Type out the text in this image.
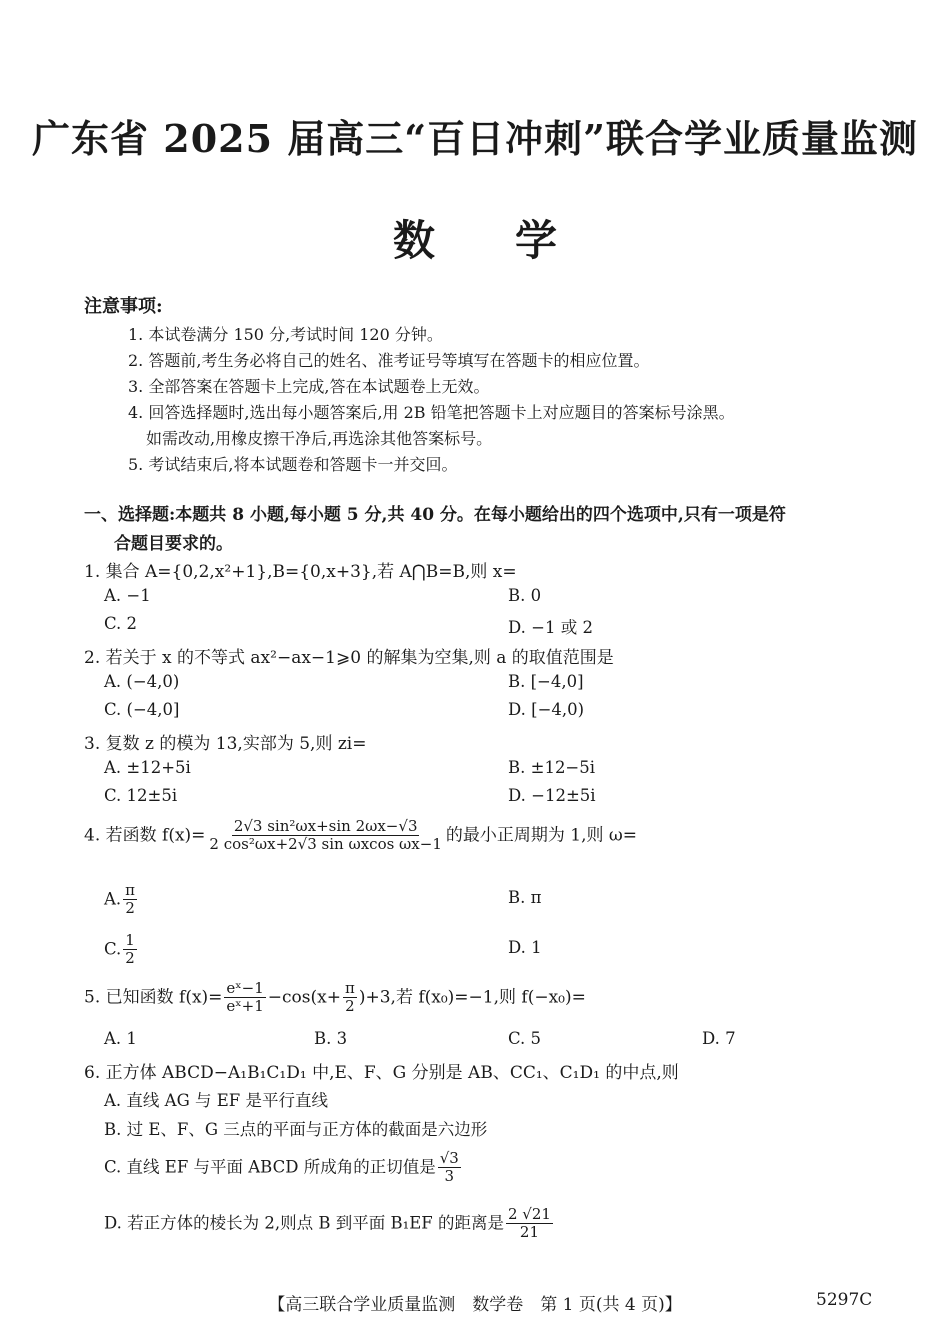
广东省 2025 届高三“百日冲刺”联合学业质量监测
数学
注意事项:
1. 本试卷满分 150 分,考试时间 120 分钟。
2. 答题前,考生务必将自己的姓名、准考证号等填写在答题卡的相应位置。
3. 全部答案在答题卡上完成,答在本试题卷上无效。
4. 回答选择题时,选出每小题答案后,用 2B 铅笔把答题卡上对应题目的答案标号涂黑。
如需改动,用橡皮擦干净后,再选涂其他答案标号。
5. 考试结束后,将本试题卷和答题卡一并交回。
一、选择题:本题共 8 小题,每小题 5 分,共 40 分。在每小题给出的四个选项中,只有一项是符
合题目要求的。
1. 集合 A={0,2,x²+1},B={0,x+3},若 A⋂B=B,则 x=
A. −1	B. 0
C. 2	D. −1 或 2
2. 若关于 x 的不等式 ax²−ax−1⩾0 的解集为空集,则 a 的取值范围是
A. (−4,0)	B. [−4,0]
C. (−4,0]	D. [−4,0)
3. 复数 z 的模为 13,实部为 5,则 zi=
A. ±12+5i	B. ±12−5i
C. 12±5i	D. −12±5i
4. 若函数 $f(x)= \frac{\text{2√3 sin²ωx+sin 2ωx−√3}}{\text{2 cos²ωx+2√3 sin ωxcos ωx−1}}$ 的最小正周期为 1,则 ω=
A. $\frac{\pi}{2}$	B. π
C. $\frac{1}{2}$	D. 1
5. 已知函数 $f(x)= \frac{\text{eˣ−1}}{\text{eˣ+1}} -\cos(x+ \frac{\pi}{2} )+3$,若 f(x₀)=−1,则 f(−x₀)=
A. 1	B. 3	C. 5	D. 7
6. 正方体 ABCD−A₁B₁C₁D₁ 中,E、F、G 分别是 AB、CC₁、C₁D₁ 的中点,则
A. 直线 AG 与 EF 是平行直线
B. 过 E、F、G 三点的平面与正方体的截面是六边形
C. 直线 EF 与平面 ABCD 所成角的正切值是 $\frac{√3}{3}$
D. 若正方体的棱长为 2,则点 B 到平面 B₁EF 的距离是 $\frac{2 √21}{21}$
【高三联合学业质量监测　数学卷　第 1 页(共 4 页)】	5297C
